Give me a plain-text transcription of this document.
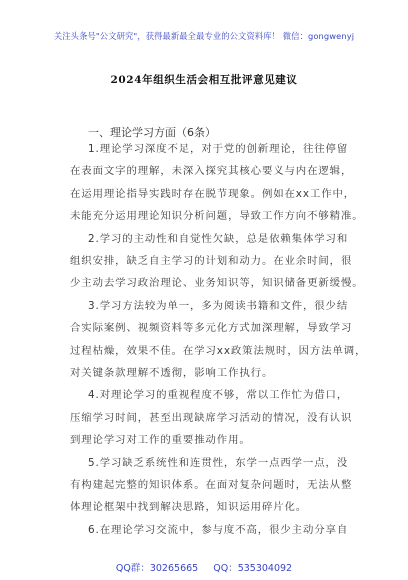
关注头条号"公文研究"，获得最新最全最专业的公文资料库！ 微信：gongwenyj
2024年组织生活会相互批评意见建议
一、理论学习方面（6条）
1.理论学习深度不足，对于党的创新理论，往往停留
在表面文字的理解，未深入探究其核心要义与内在逻辑，
在运用理论指导实践时存在脱节现象。例如在xx工作中，
未能充分运用理论知识分析问题，导致工作方向不够精准。
2.学习的主动性和自觉性欠缺，总是依赖集体学习和
组织安排，缺乏自主学习的计划和动力。在业余时间，很
少主动去学习政治理论、业务知识等，知识储备更新缓慢。
3.学习方法较为单一，多为阅读书籍和文件，很少结
合实际案例、视频资料等多元化方式加深理解，导致学习
过程枯燥，效果不佳。在学习xx政策法规时，因方法单调，
对关键条款理解不透彻，影响工作执行。
4.对理论学习的重视程度不够，常以工作忙为借口，
压缩学习时间，甚至出现缺席学习活动的情况，没有认识
到理论学习对工作的重要推动作用。
5.学习缺乏系统性和连贯性，东学一点西学一点，没
有构建起完整的知识体系。在面对复杂问题时，无法从整
体理论框架中找到解决思路，知识运用碎片化。
6.在理论学习交流中，参与度不高，很少主动分享自
QQ群：30265665 QQ：535304092
